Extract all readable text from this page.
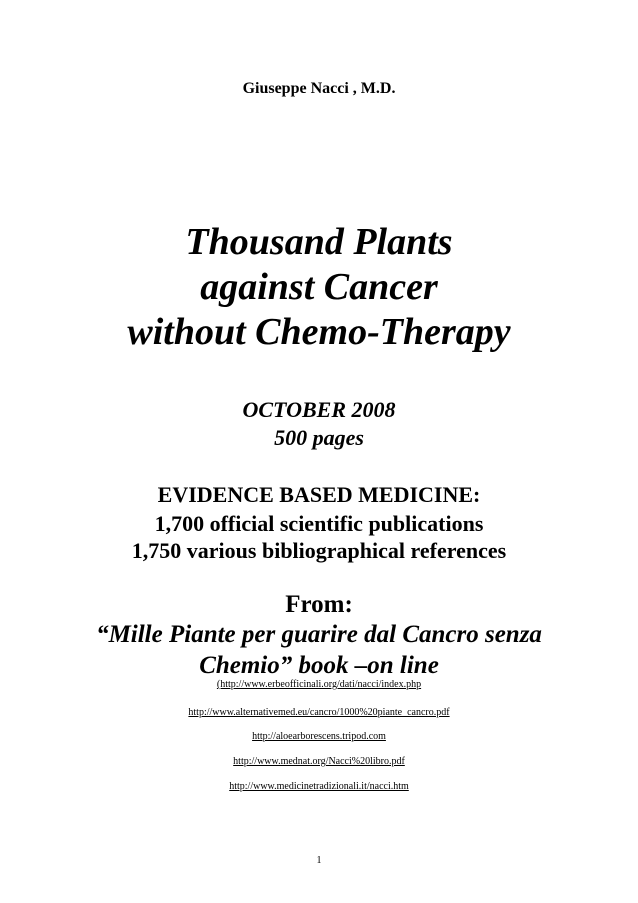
Giuseppe Nacci , M.D.

Thousand Plants

against Cancer

without Chemo-Therapy

OCTOBER 2008

500 pages

EVIDENCE BASED MEDICINE:

1,700 official scientific publications

1,750 various bibliographical references

From:

“Mille Piante per guarire dal Cancro senza

Chemio” book –on line

(http://www.erbeofficinali.org/dati/nacci/index.php

http://www.alternativemed.eu/cancro/1000%20piante_cancro.pdf

http://aloearborescens.tripod.com

http://www.mednat.org/Nacci%20libro.pdf

http://www.medicinetradizionali.it/nacci.htm

1
